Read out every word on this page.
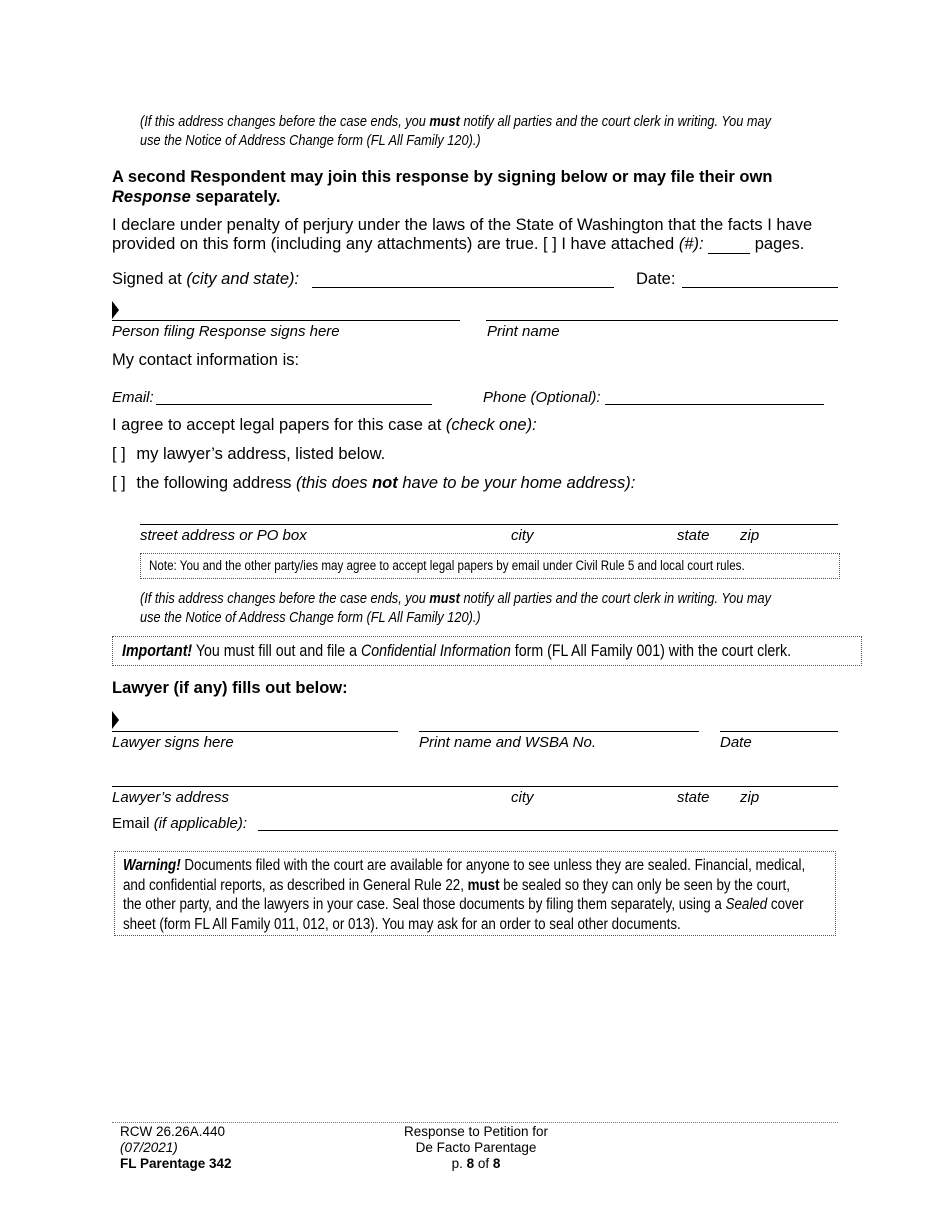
(If this address changes before the case ends, you must notify all parties and the court clerk in writing. You may
use the Notice of Address Change form (FL All Family 120).)
A second Respondent may join this response by signing below or may file their own
Response separately.
I declare under penalty of perjury under the laws of the State of Washington that the facts I have
provided on this form (including any attachments) are true. [ ] I have attached (#):	pages.
Signed at (city and state):	Date:
Person filing Response signs here	Print name
My contact information is:
Email:	Phone (Optional):
I agree to accept legal papers for this case at (check one):
[ ] my lawyer’s address, listed below.
[ ] the following address (this does not have to be your home address):
street address or PO box	city	state zip
Note: You and the other party/ies may agree to accept legal papers by email under Civil Rule 5 and local court rules.
(If this address changes before the case ends, you must notify all parties and the court clerk in writing. You may
use the Notice of Address Change form (FL All Family 120).)
Important! You must fill out and file a Confidential Information form (FL All Family 001) with the court clerk.
Lawyer (if any) fills out below:
Lawyer signs here	Print name and WSBA No.	Date
Lawyer’s address	city	state zip
Email (if applicable):
Warning! Documents filed with the court are available for anyone to see unless they are sealed. Financial, medical,
and confidential reports, as described in General Rule 22, must be sealed so they can only be seen by the court,
the other party, and the lawyers in your case. Seal those documents by filing them separately, using a Sealed cover
sheet (form FL All Family 011, 012, or 013). You may ask for an order to seal other documents.
RCW 26.26A.440
(07/2021)
FL Parentage 342
Response to Petition for
De Facto Parentage
p. 8 of 8
